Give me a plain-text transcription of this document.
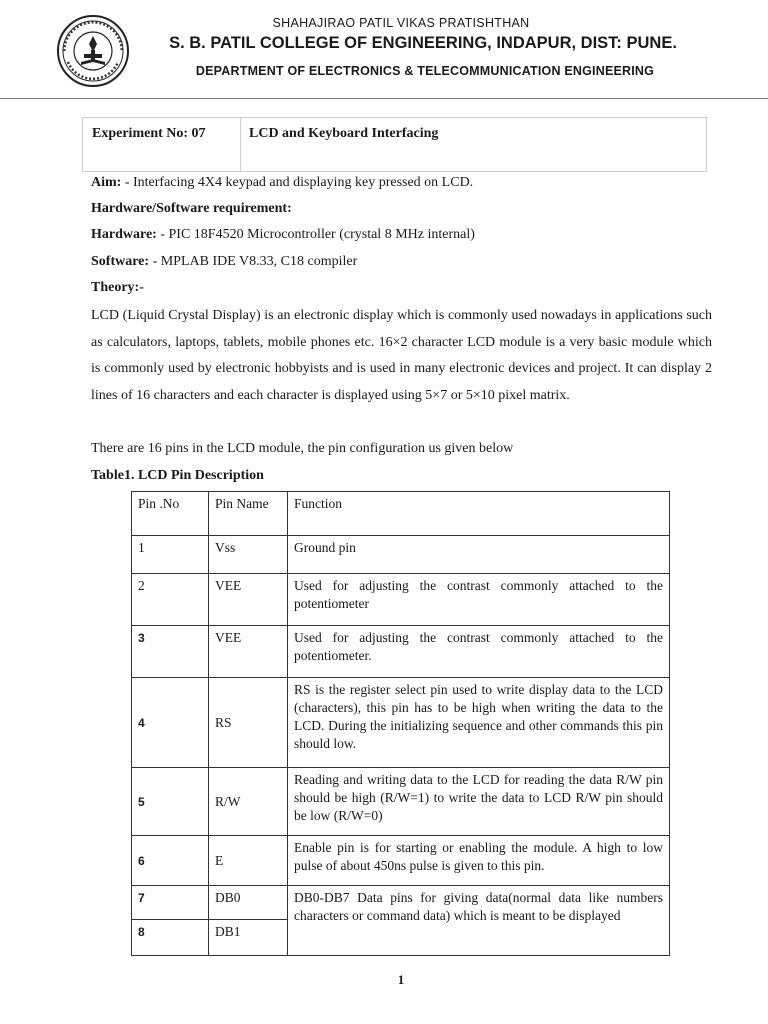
SHAHAJIRAO PATIL VIKAS PRATISHTHAN
S. B. PATIL COLLEGE OF ENGINEERING, INDAPUR, DIST: PUNE.
DEPARTMENT OF ELECTRONICS & TELECOMMUNICATION ENGINEERING
Experiment No: 07	LCD and Keyboard Interfacing
Aim: - Interfacing 4X4 keypad and displaying key pressed on LCD.
Hardware/Software requirement:
Hardware: - PIC 18F4520 Microcontroller (crystal 8 MHz internal)
Software: - MPLAB IDE V8.33, C18 compiler
Theory:-
LCD (Liquid Crystal Display) is an electronic display which is commonly used nowadays in applications such as calculators, laptops, tablets, mobile phones etc. 16×2 character LCD module is a very basic module which is commonly used by electronic hobbyists and is used in many electronic devices and project. It can display 2 lines of 16 characters and each character is displayed using 5×7 or 5×10 pixel matrix.
There are 16 pins in the LCD module, the pin configuration us given below
Table1. LCD Pin Description
Pin .No	Pin Name	Function
1	Vss	Ground pin
2	VEE	Used for adjusting the contrast commonly attached to the potentiometer
3	VEE	Used for adjusting the contrast commonly attached to the potentiometer.
4	RS	RS is the register select pin used to write display data to the LCD (characters), this pin has to be high when writing the data to the LCD. During the initializing sequence and other commands this pin should low.
5	R/W	Reading and writing data to the LCD for reading the data R/W pin should be high (R/W=1) to write the data to LCD R/W pin should be low (R/W=0)
6	E	Enable pin is for starting or enabling the module. A high to low pulse of about 450ns pulse is given to this pin.
7	DB0	DB0-DB7 Data pins for giving data(normal data like numbers characters or command data) which is meant to be displayed
8	DB1	
1
